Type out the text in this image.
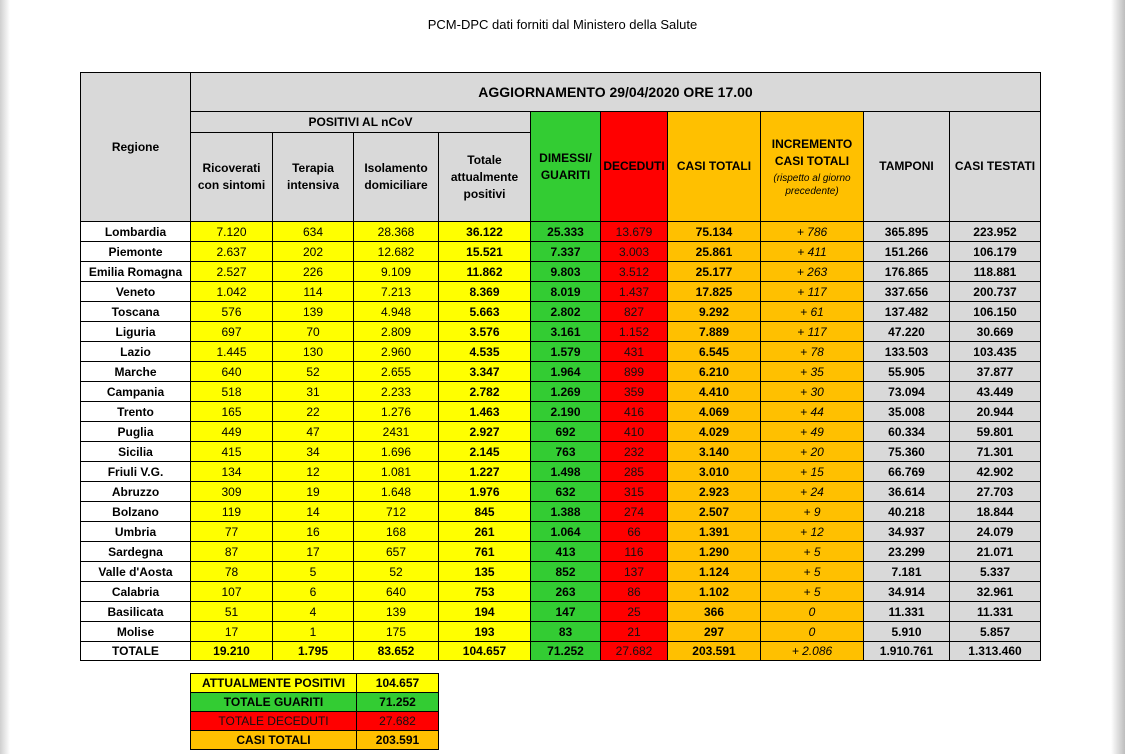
PCM-DPC dati forniti dal Ministero della Salute
Regione	AGGIORNAMENTO 29/04/2020 ORE 17.00									
	POSITIVI AL nCoV				DIMESSI/ GUARITI	DECEDUTI	CASI TOTALI	INCREMENTO CASI TOTALI
(rispetto al giorno precedente)	TAMPONI	CASI TESTATI
	Ricoverati con sintomi	Terapia intensiva	Isolamento domiciliare	Totale attualmente positivi						
Lombardia	7.120	634	28.368	36.122	25.333	13.679	75.134	+ 786	365.895	223.952
Piemonte	2.637	202	12.682	15.521	7.337	3.003	25.861	+ 411	151.266	106.179
Emilia Romagna	2.527	226	9.109	11.862	9.803	3.512	25.177	+ 263	176.865	118.881
Veneto	1.042	114	7.213	8.369	8.019	1.437	17.825	+ 117	337.656	200.737
Toscana	576	139	4.948	5.663	2.802	827	9.292	+ 61	137.482	106.150
Liguria	697	70	2.809	3.576	3.161	1.152	7.889	+ 117	47.220	30.669
Lazio	1.445	130	2.960	4.535	1.579	431	6.545	+ 78	133.503	103.435
Marche	640	52	2.655	3.347	1.964	899	6.210	+ 35	55.905	37.877
Campania	518	31	2.233	2.782	1.269	359	4.410	+ 30	73.094	43.449
Trento	165	22	1.276	1.463	2.190	416	4.069	+ 44	35.008	20.944
Puglia	449	47	2431	2.927	692	410	4.029	+ 49	60.334	59.801
Sicilia	415	34	1.696	2.145	763	232	3.140	+ 20	75.360	71.301
Friuli V.G.	134	12	1.081	1.227	1.498	285	3.010	+ 15	66.769	42.902
Abruzzo	309	19	1.648	1.976	632	315	2.923	+ 24	36.614	27.703
Bolzano	119	14	712	845	1.388	274	2.507	+ 9	40.218	18.844
Umbria	77	16	168	261	1.064	66	1.391	+ 12	34.937	24.079
Sardegna	87	17	657	761	413	116	1.290	+ 5	23.299	21.071
Valle d'Aosta	78	5	52	135	852	137	1.124	+ 5	7.181	5.337
Calabria	107	6	640	753	263	86	1.102	+ 5	34.914	32.961
Basilicata	51	4	139	194	147	25	366	0	11.331	11.331
Molise	17	1	175	193	83	21	297	0	5.910	5.857
TOTALE	19.210	1.795	83.652	104.657	71.252	27.682	203.591	+ 2.086	1.910.761	1.313.460
ATTUALMENTE POSITIVI	104.657
TOTALE GUARITI	71.252
TOTALE DECEDUTI	27.682
CASI TOTALI	203.591
